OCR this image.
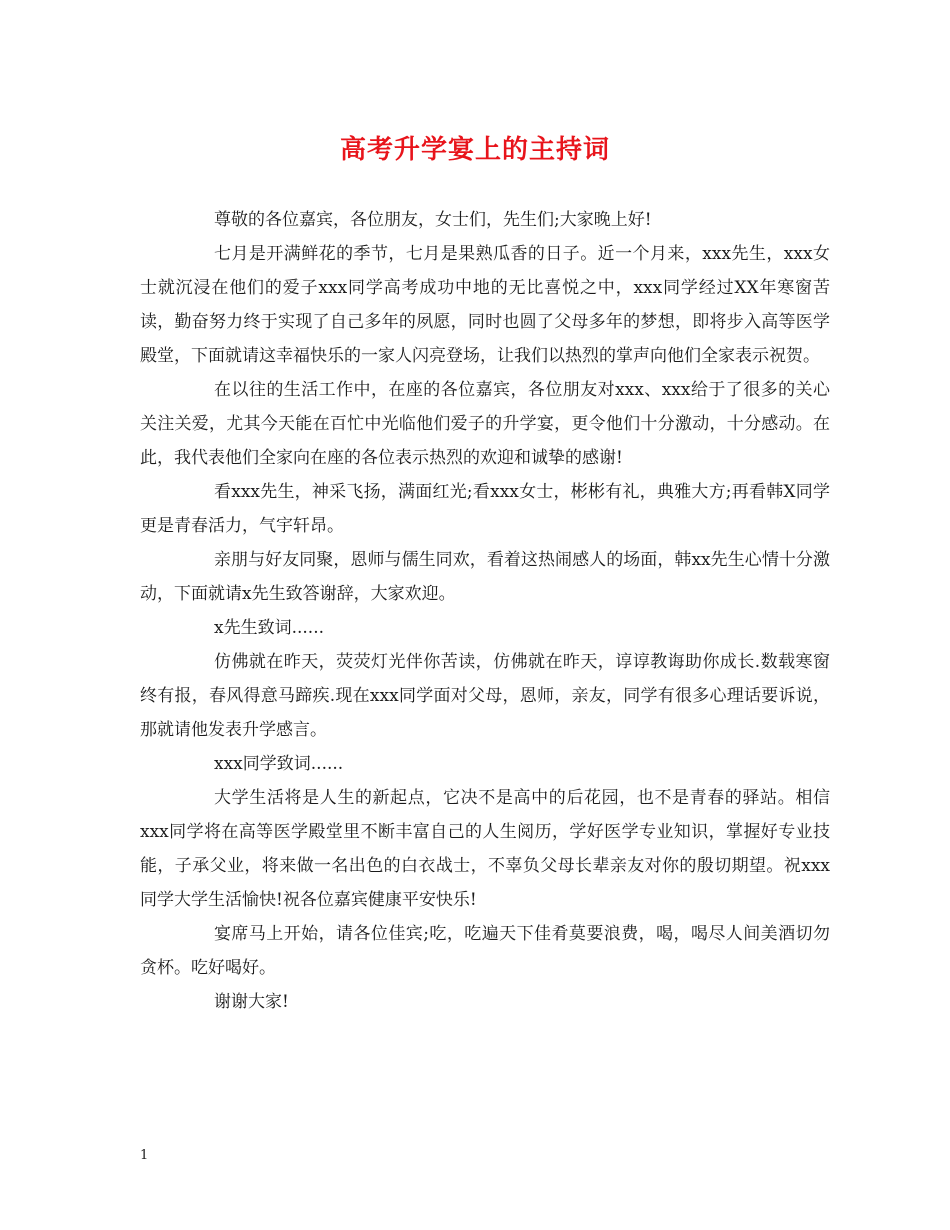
高考升学宴上的主持词

尊敬的各位嘉宾，各位朋友，女士们，先生们;大家晚上好!

七月是开满鲜花的季节，七月是果熟瓜香的日子。近一个月来，xxx先生，xxx女士就沉浸在他们的爱子xxx同学高考成功中地的无比喜悦之中，xxx同学经过XX年寒窗苦读，勤奋努力终于实现了自己多年的夙愿，同时也圆了父母多年的梦想，即将步入高等医学殿堂，下面就请这幸福快乐的一家人闪亮登场，让我们以热烈的掌声向他们全家表示祝贺。

在以往的生活工作中，在座的各位嘉宾，各位朋友对xxx、xxx给于了很多的关心关注关爱，尤其今天能在百忙中光临他们爱子的升学宴，更令他们十分激动，十分感动。在此，我代表他们全家向在座的各位表示热烈的欢迎和诚挚的感谢!

看xxx先生，神采飞扬，满面红光;看xxx女士，彬彬有礼，典雅大方;再看韩X同学更是青春活力，气宇轩昂。

亲朋与好友同聚，恩师与儒生同欢，看着这热闹感人的场面，韩xx先生心情十分激动，下面就请x先生致答谢辞，大家欢迎。

x先生致词......

仿佛就在昨天，荧荧灯光伴你苦读，仿佛就在昨天，谆谆教诲助你成长.数载寒窗终有报，春风得意马蹄疾.现在xxx同学面对父母，恩师，亲友，同学有很多心理话要诉说，那就请他发表升学感言。

xxx同学致词......

大学生活将是人生的新起点，它决不是高中的后花园，也不是青春的驿站。相信xxx同学将在高等医学殿堂里不断丰富自己的人生阅历，学好医学专业知识，掌握好专业技能，子承父业，将来做一名出色的白衣战士，不辜负父母长辈亲友对你的殷切期望。祝xxx同学大学生活愉快!祝各位嘉宾健康平安快乐!

宴席马上开始，请各位佳宾;吃，吃遍天下佳肴莫要浪费，喝，喝尽人间美酒切勿贪杯。吃好喝好。

谢谢大家!

1
